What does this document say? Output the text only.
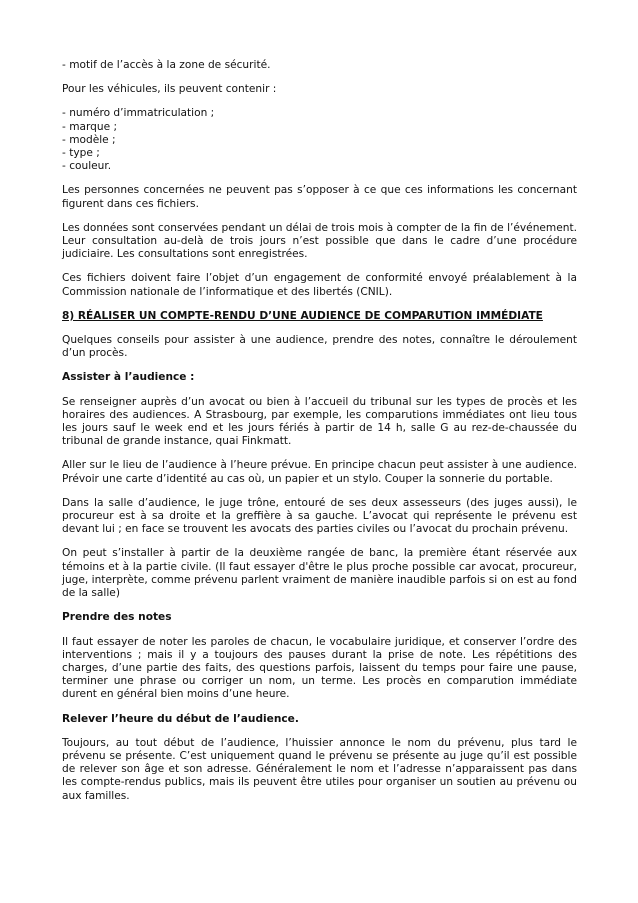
- motif de l’accès à la zone de sécurité.

Pour les véhicules, ils peuvent contenir :

- numéro d’immatriculation ;
- marque ;
- modèle ;
- type ;
- couleur.

Les personnes concernées ne peuvent pas s’opposer à ce que ces informations les concernant figurent dans ces fichiers.

Les données sont conservées pendant un délai de trois mois à compter de la fin de l’événement. Leur consultation au-delà de trois jours n’est possible que dans le cadre d’une procédure judiciaire. Les consultations sont enregistrées.

Ces fichiers doivent faire l’objet d’un engagement de conformité envoyé préalablement à la Commission nationale de l’informatique et des libertés (CNIL).

8) RÉALISER UN COMPTE-RENDU D’UNE AUDIENCE DE COMPARUTION IMMÉDIATE

Quelques conseils pour assister à une audience, prendre des notes, connaître le déroulement d’un procès.

Assister à l’audience :

Se renseigner auprès d’un avocat ou bien à l’accueil du tribunal sur les types de procès et les horaires des audiences. A Strasbourg, par exemple, les comparutions immédiates ont lieu tous les jours sauf le week end et les jours fériés à partir de 14 h, salle G au rez-de-chaussée du tribunal de grande instance, quai Finkmatt.

Aller sur le lieu de l’audience à l’heure prévue. En principe chacun peut assister à une audience. Prévoir une carte d’identité au cas où, un papier et un stylo. Couper la sonnerie du portable.

Dans la salle d’audience, le juge trône, entouré de ses deux assesseurs (des juges aussi), le procureur est à sa droite et la greffière à sa gauche. L’avocat qui représente le prévenu est devant lui ; en face se trouvent les avocats des parties civiles ou l’avocat du prochain prévenu.

On peut s’installer à partir de la deuxième rangée de banc, la première étant réservée aux témoins et à la partie civile. (Il faut essayer d'être le plus proche possible car avocat, procureur, juge, interprète, comme prévenu parlent vraiment de manière inaudible parfois si on est au fond de la salle)

Prendre des notes

Il faut essayer de noter les paroles de chacun, le vocabulaire juridique, et conserver l’ordre des interventions ; mais il y a toujours des pauses durant la prise de note. Les répétitions des charges, d’une partie des faits, des questions parfois, laissent du temps pour faire une pause, terminer une phrase ou corriger un nom, un terme. Les procès en comparution immédiate durent en général bien moins d’une heure.

Relever l’heure du début de l’audience.

Toujours, au tout début de l’audience, l’huissier annonce le nom du prévenu, plus tard le prévenu se présente. C’est uniquement quand le prévenu se présente au juge qu’il est possible de relever son âge et son adresse. Généralement le nom et l’adresse n’apparaissent pas dans les compte-rendus publics, mais ils peuvent être utiles pour organiser un soutien au prévenu ou aux familles.
